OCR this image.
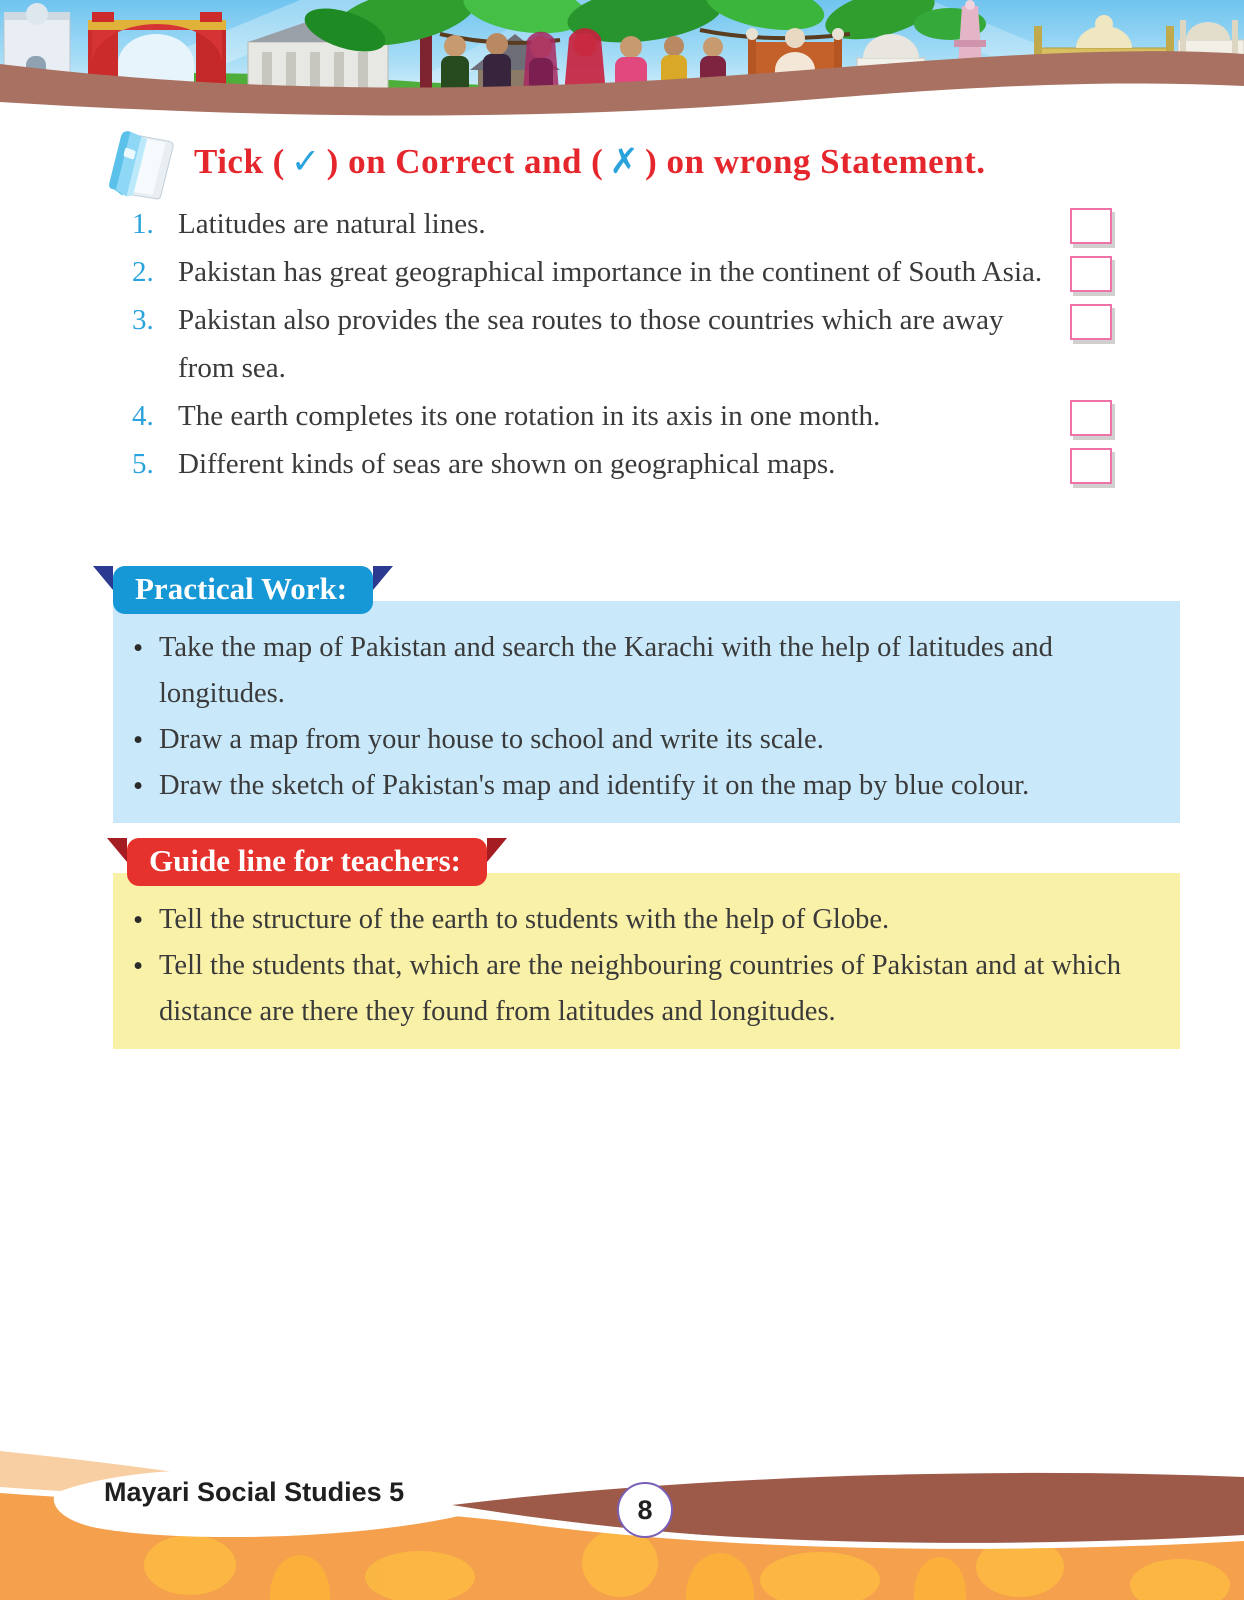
Tick ( ✓ ) on Correct and ( ✗ ) on wrong Statement.
1. Latitudes are natural lines.
2. Pakistan has great geographical importance in the continent of South Asia.
3. Pakistan also provides the sea routes to those countries which are away from sea.
4. The earth completes its one rotation in its axis in one month.
5. Different kinds of seas are shown on geographical maps.
Practical Work:
• Take the map of Pakistan and search the Karachi with the help of latitudes and longitudes.
• Draw a map from your house to school and write its scale.
• Draw the sketch of Pakistan's map and identify it on the map by blue colour.
Guide line for teachers:
• Tell the structure of the earth to students with the help of Globe.
• Tell the students that, which are the neighbouring countries of Pakistan and at which distance are there they found from latitudes and longitudes.
Mayari Social Studies 5
8
